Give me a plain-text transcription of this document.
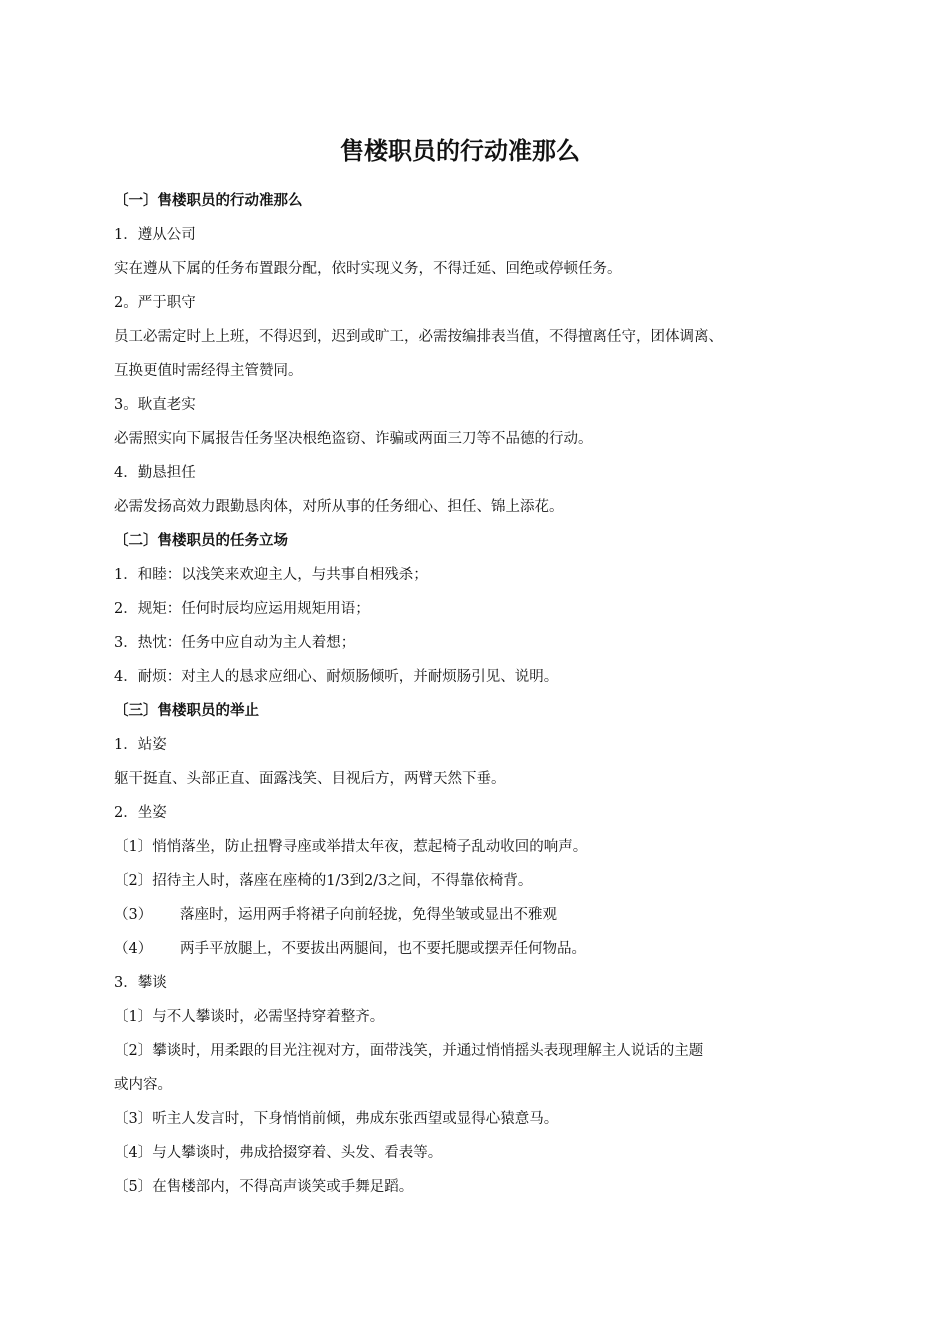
售楼职员的行动准那么

〔一〕售楼职员的行动准那么

1．遵从公司

实在遵从下属的任务布置跟分配，依时实现义务，不得迁延、回绝或停顿任务。

2。严于职守

员工必需定时上上班，不得迟到，迟到或旷工，必需按编排表当值，不得擅离任守，团体调离、

互换更值时需经得主管赞同。

3。耿直老实

必需照实向下属报告任务坚决根绝盗窃、诈骗或两面三刀等不品德的行动。

4．勤恳担任

必需发扬高效力跟勤恳肉体，对所从事的任务细心、担任、锦上添花。

〔二〕售楼职员的任务立场

1．和睦：以浅笑来欢迎主人，与共事自相残杀；

2．规矩：任何时辰均应运用规矩用语；

3．热忱：任务中应自动为主人着想；

4．耐烦：对主人的恳求应细心、耐烦肠倾听，并耐烦肠引见、说明。

〔三〕售楼职员的举止

1．站姿

躯干挺直、头部正直、面露浅笑、目视后方，两臂天然下垂。

2．坐姿

〔1〕悄悄落坐，防止扭臀寻座或举措太年夜，惹起椅子乱动收回的响声。

〔2〕招待主人时，落座在座椅的1/3到2/3之间，不得靠依椅背。

（3） 落座时，运用两手将裙子向前轻拢，免得坐皱或显出不雅观

（4） 两手平放腿上，不要拔出两腿间，也不要托腮或摆弄任何物品。

3．攀谈

〔1〕与不人攀谈时，必需坚持穿着整齐。

〔2〕攀谈时，用柔跟的目光注视对方，面带浅笑，并通过悄悄摇头表现理解主人说话的主题

或内容。

〔3〕听主人发言时，下身悄悄前倾，弗成东张西望或显得心猿意马。

〔4〕与人攀谈时，弗成拾掇穿着、头发、看表等。

〔5〕在售楼部内，不得高声谈笑或手舞足蹈。
